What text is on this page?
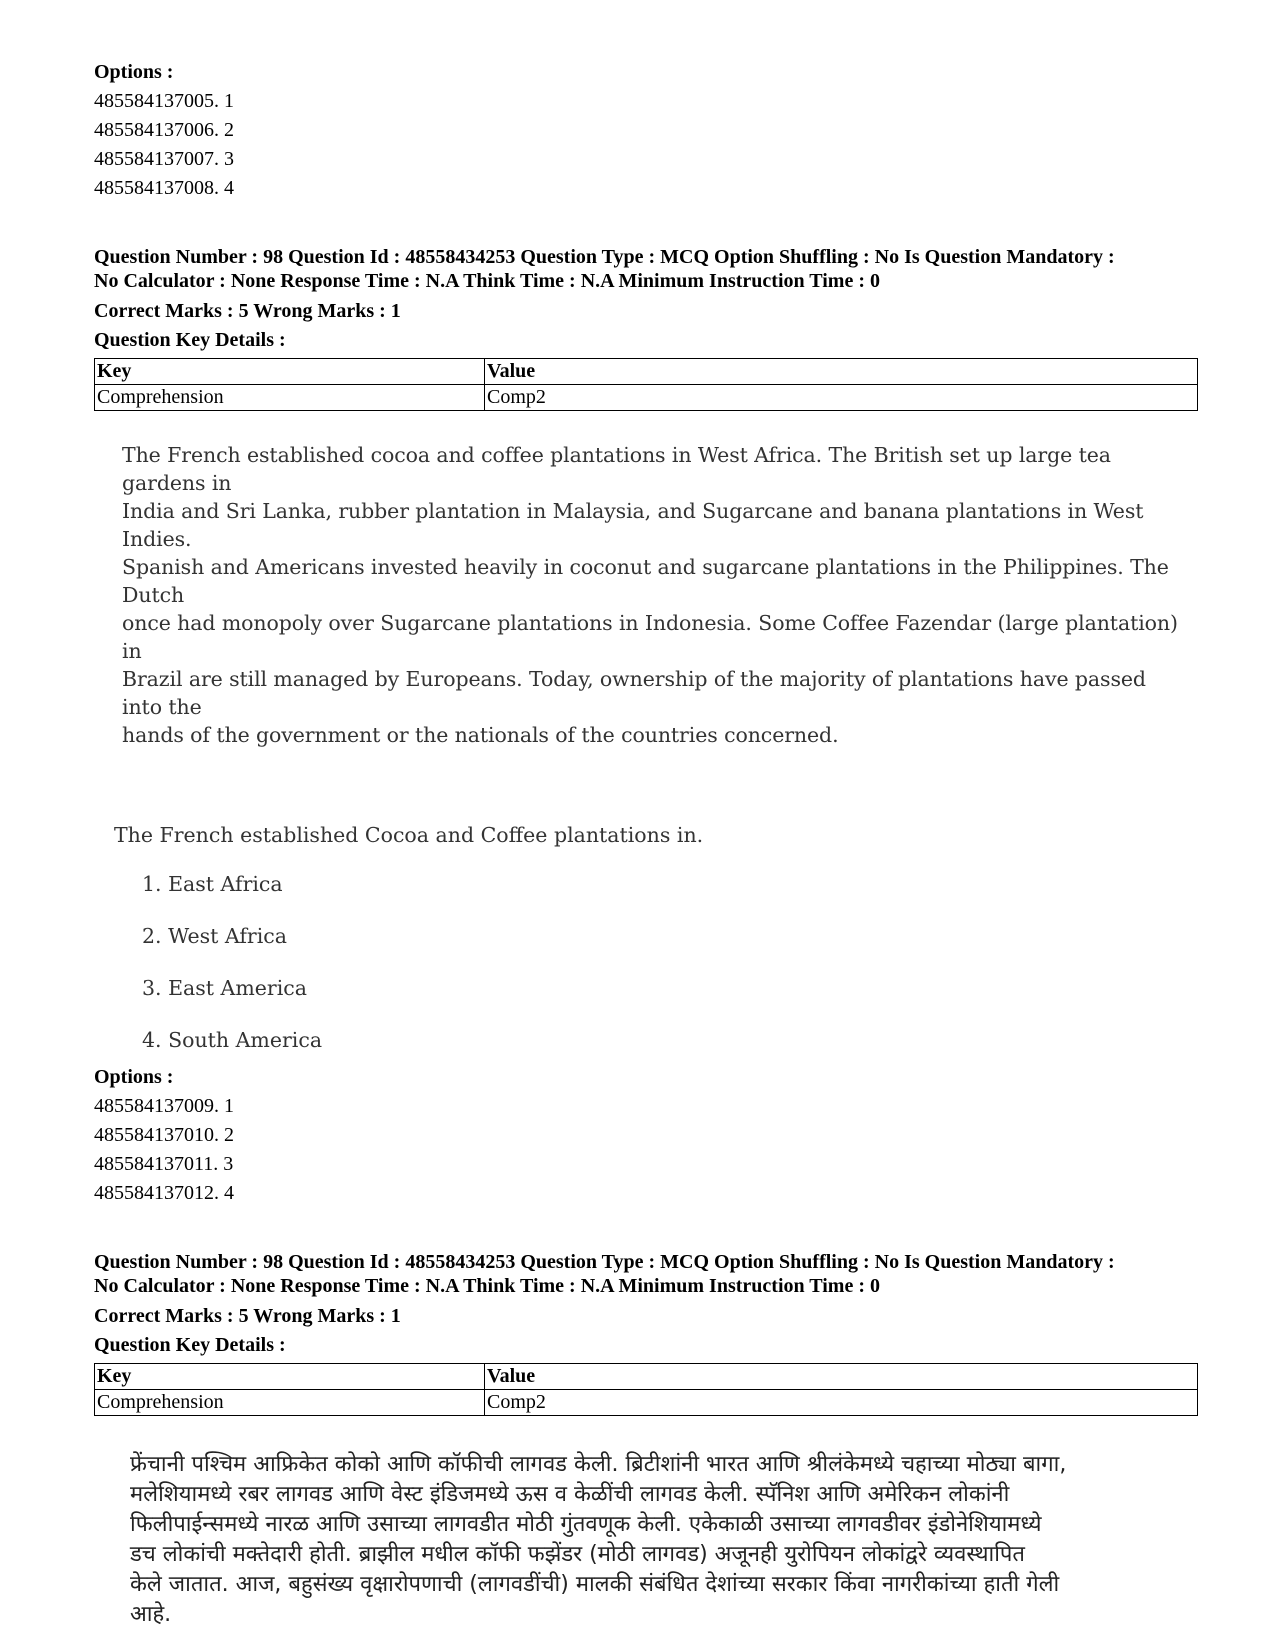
Options :
485584137005. 1
485584137006. 2
485584137007. 3
485584137008. 4
Question Number : 98 Question Id : 48558434253 Question Type : MCQ Option Shuffling : No Is Question Mandatory :
No Calculator : None Response Time : N.A Think Time : N.A Minimum Instruction Time : 0
Correct Marks : 5 Wrong Marks : 1
Question Key Details :
Key	Value
Comprehension	Comp2
The French established cocoa and coffee plantations in West Africa. The British set up large tea gardens in
India and Sri Lanka, rubber plantation in Malaysia, and Sugarcane and banana plantations in West Indies.
Spanish and Americans invested heavily in coconut and sugarcane plantations in the Philippines. The Dutch
once had monopoly over Sugarcane plantations in Indonesia. Some Coffee Fazendar (large plantation) in
Brazil are still managed by Europeans. Today, ownership of the majority of plantations have passed into the
hands of the government or the nationals of the countries concerned.
The French established Cocoa and Coffee plantations in.
1. East Africa
2. West Africa
3. East America
4. South America
Options :
485584137009. 1
485584137010. 2
485584137011. 3
485584137012. 4
Question Number : 98 Question Id : 48558434253 Question Type : MCQ Option Shuffling : No Is Question Mandatory :
No Calculator : None Response Time : N.A Think Time : N.A Minimum Instruction Time : 0
Correct Marks : 5 Wrong Marks : 1
Question Key Details :
Key	Value
Comprehension	Comp2
फ्रेंचानी पश्चिम आफ्रिकेत कोको आणि कॉफीची लागवड केली. ब्रिटीशांनी भारत आणि श्रीलंकेमध्ये चहाच्या मोठ्या बागा,
मलेशियामध्ये रबर लागवड आणि वेस्ट इंडिजमध्ये ऊस व केळींची लागवड केली. स्पॅनिश आणि अमेरिकन लोकांनी
फिलीपाईन्समध्ये नारळ आणि उसाच्या लागवडीत मोठी गुंतवणूक केली. एकेकाळी उसाच्या लागवडीवर इंडोनेशियामध्ये
डच लोकांची मक्तेदारी होती. ब्राझील मधील कॉफी फझेंडर (मोठी लागवड) अजूनही युरोपियन लोकांद्वरे व्यवस्थापित
केले जातात. आज, बहुसंख्य वृक्षारोपणाची (लागवडींची) मालकी संबंधित देशांच्या सरकार किंवा नागरीकांच्या हाती गेली
आहे.
